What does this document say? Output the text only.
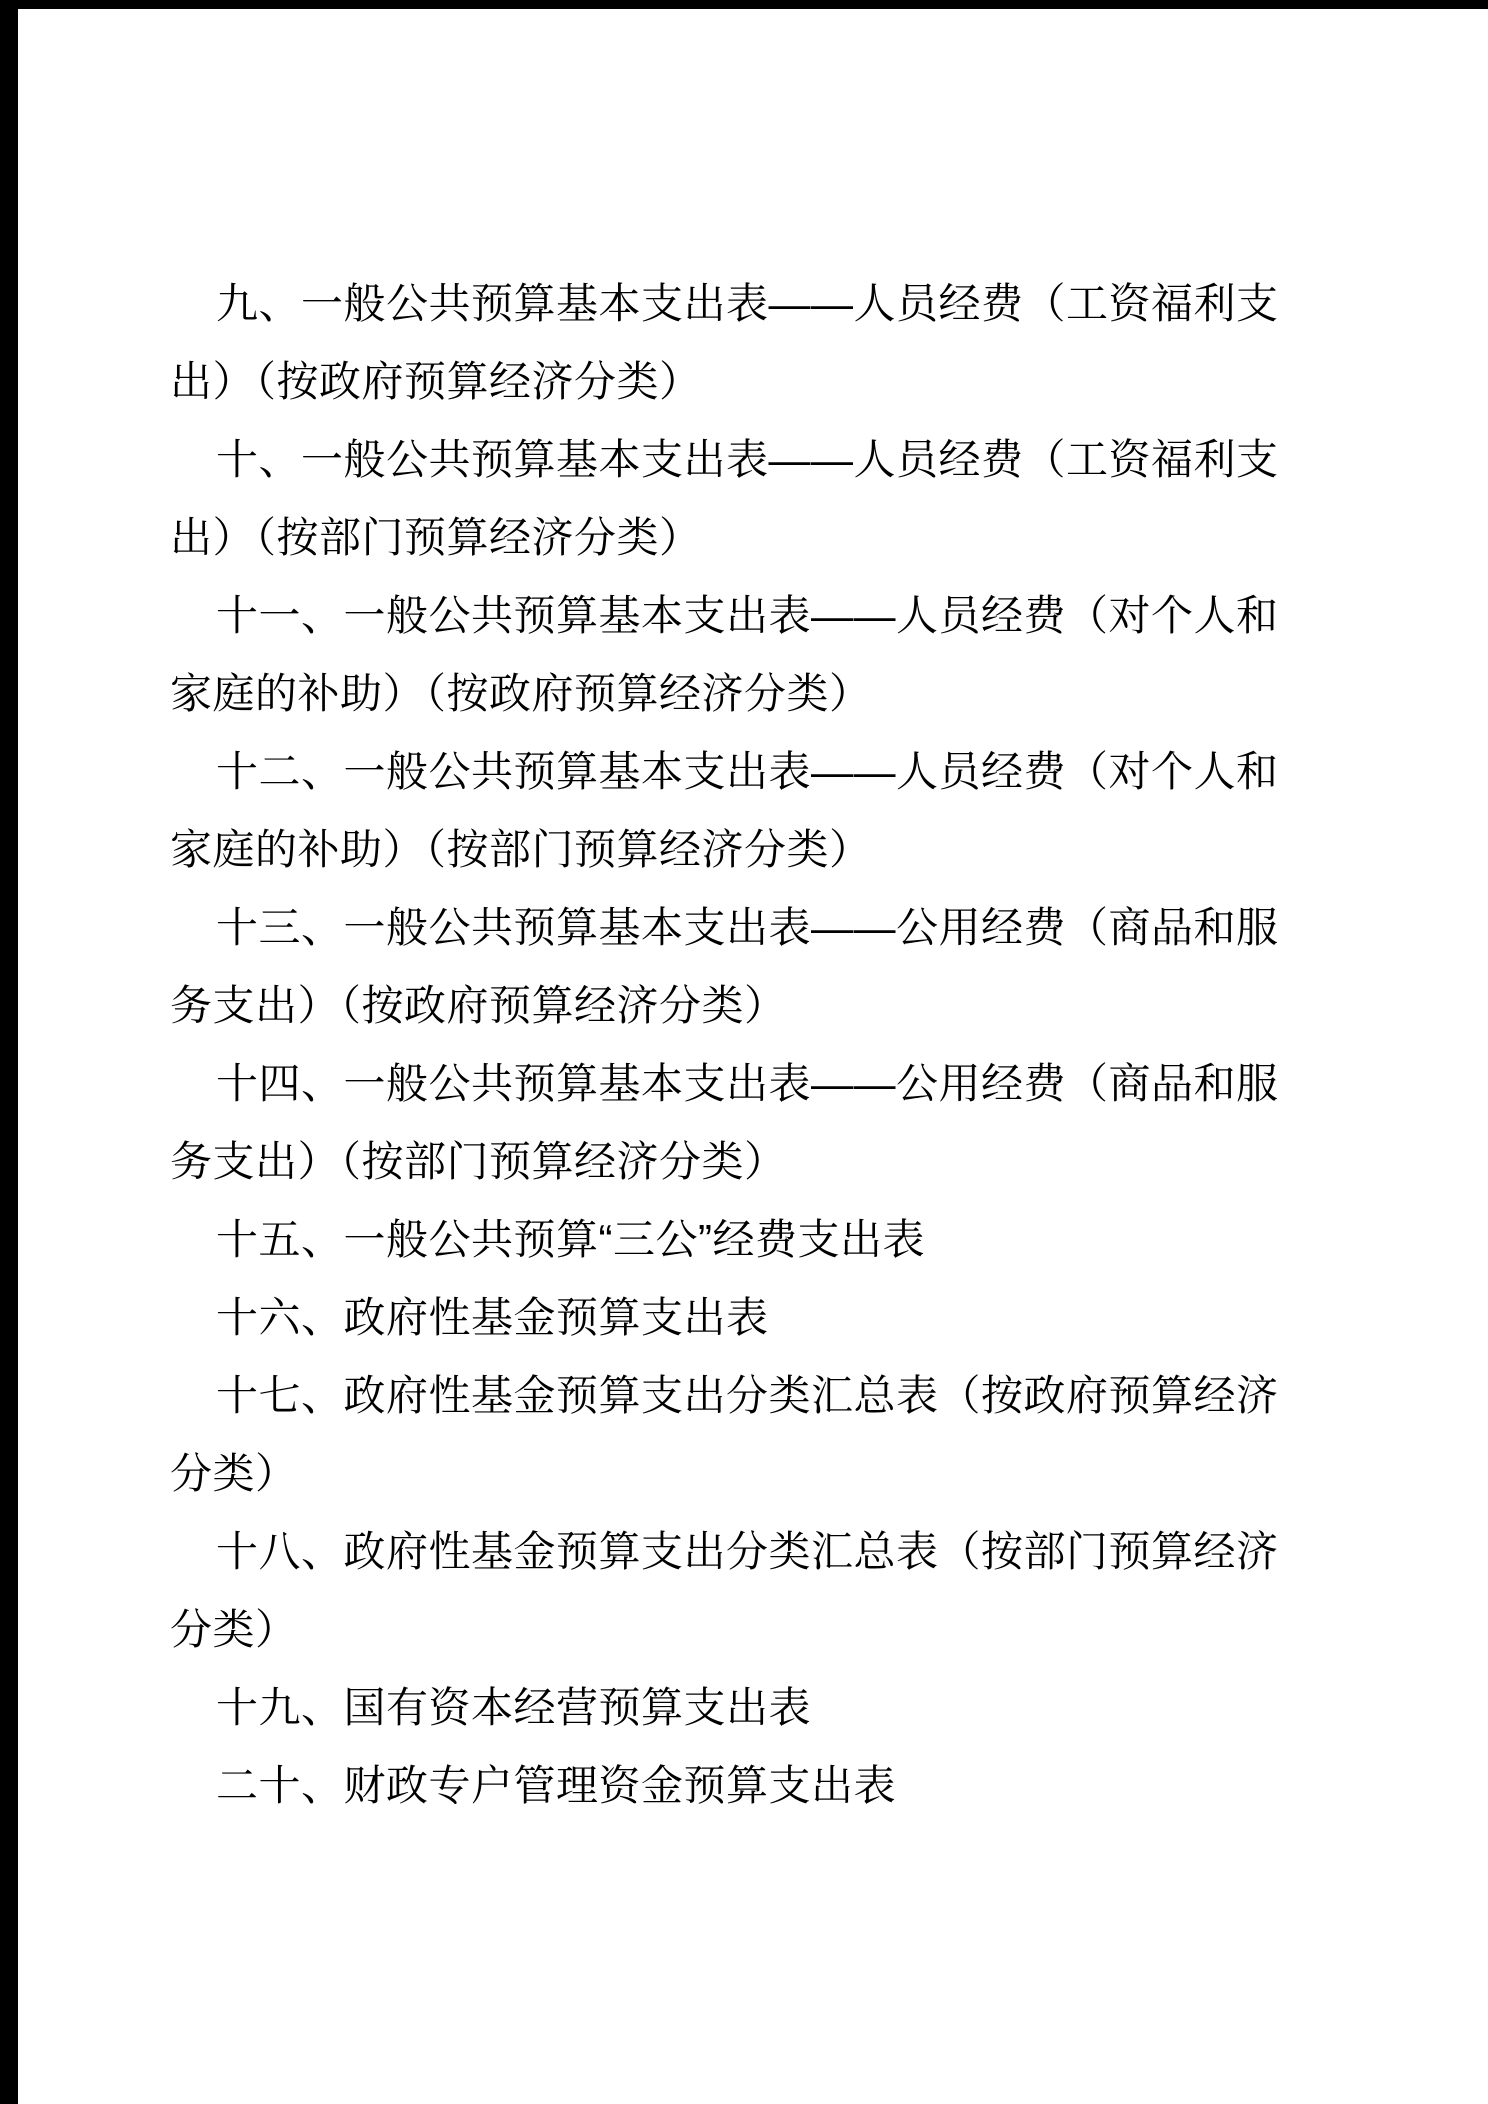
九、一般公共预算基本支出表——人员经费（工资福利支
出）（按政府预算经济分类）
十、一般公共预算基本支出表——人员经费（工资福利支
出）（按部门预算经济分类）
十一、一般公共预算基本支出表——人员经费（对个人和
家庭的补助）（按政府预算经济分类）
十二、一般公共预算基本支出表——人员经费（对个人和
家庭的补助）（按部门预算经济分类）
十三、一般公共预算基本支出表——公用经费（商品和服
务支出）（按政府预算经济分类）
十四、一般公共预算基本支出表——公用经费（商品和服
务支出）（按部门预算经济分类）
十五、一般公共预算“三公”经费支出表
十六、政府性基金预算支出表
十七、政府性基金预算支出分类汇总表（按政府预算经济
分类）
十八、政府性基金预算支出分类汇总表（按部门预算经济
分类）
十九、国有资本经营预算支出表
二十、财政专户管理资金预算支出表
